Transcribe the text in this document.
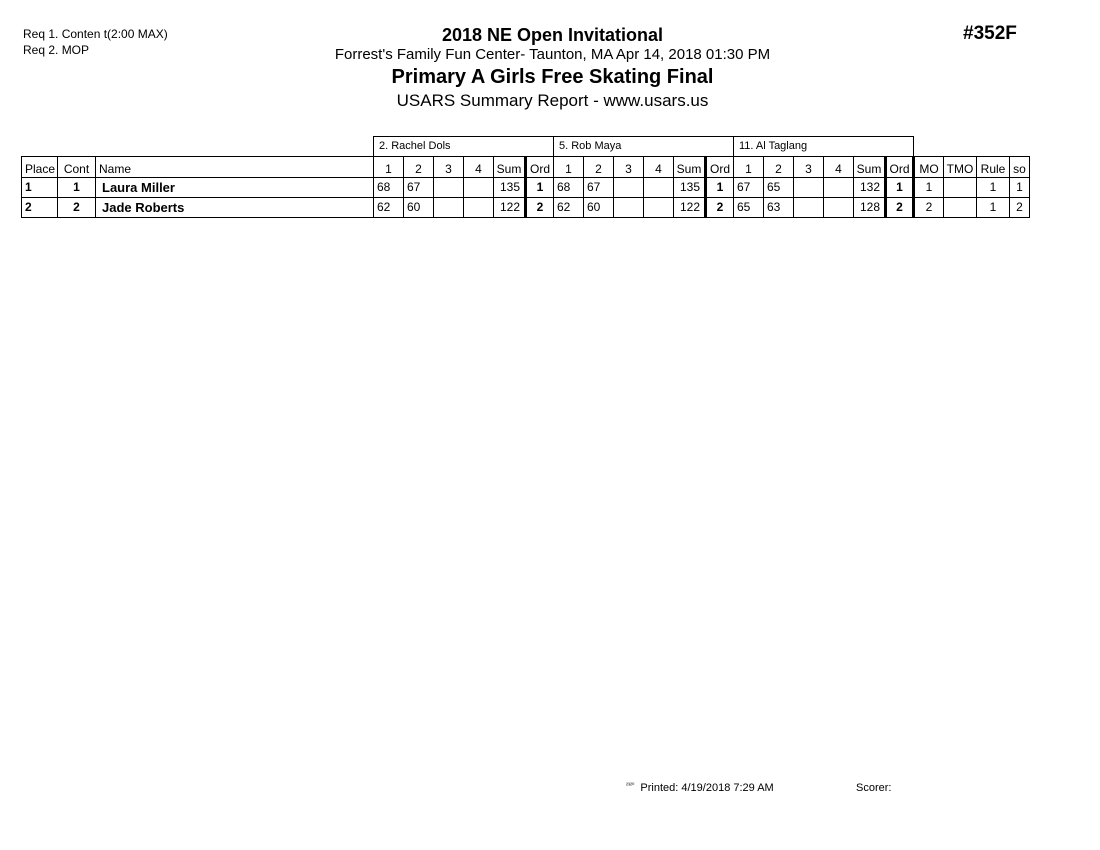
Req 1. Conten t(2:00 MAX)
Req 2. MOP
#352F
2018 NE Open Invitational
Forrest's Family Fun Center- Taunton, MA Apr 14, 2018 01:30 PM
Primary A Girls Free Skating Final
USARS Summary Report - www.usars.us
			2. Rachel Dols						5. Rob Maya						11. Al Taglang									
Place	Cont	Name	1	2	3	4	Sum	Ord	1	2	3	4	Sum	Ord	1	2	3	4	Sum	Ord	MO	TMO	Rule	so
1	1	Laura Miller	68	67			135	1	68	67			135	1	67	65			132	1	1		1	1
2	2	Jade Roberts	62	60			122	2	62	60			122	2	65	63			128	2	2		1	2
$^{^{2320}}$ Printed: 4/19/2018 7:29 AM	Scorer:
